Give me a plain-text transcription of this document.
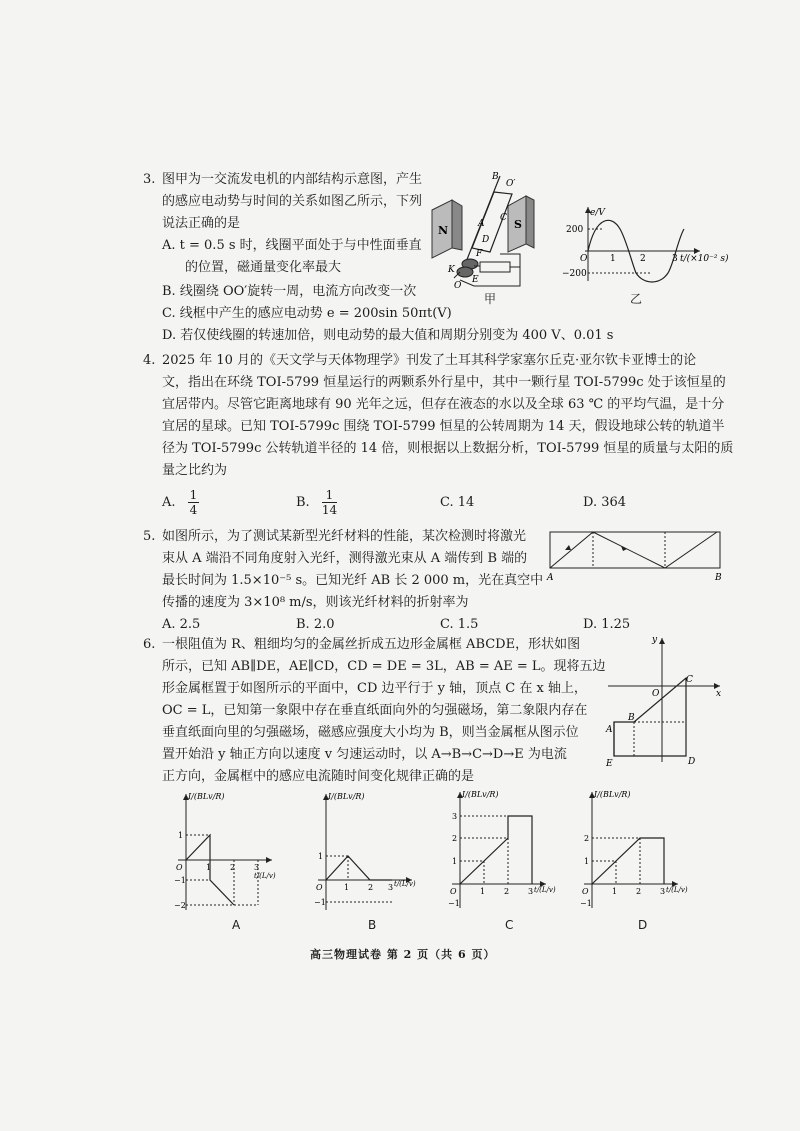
3. 图甲为一交流发电机的内部结构示意图，产生
的感应电动势与时间的关系如图乙所示，下列
说法正确的是
A. t = 0.5 s 时，线圈平面处于与中性面垂直
的位置，磁通量变化率最大
B. 线圈绕 OO′旋转一周，电流方向改变一次
C. 线框中产生的感应电动势 e = 200sin 50πt(V)
D. 若仅使线圈的转速加倍，则电动势的最大值和周期分别变为 400 V、0.01 s
B
O′
N	A	S
C
D
F
K
E
O
甲
e/V
200
−200
O	1	2	3 t/(×10⁻² s)
乙
4. 2025 年 10 月的《天文学与天体物理学》刊发了土耳其科学家塞尔丘克·亚尔钦卡亚博士的论
文，指出在环绕 TOI-5799 恒星运行的两颗系外行星中，其中一颗行星 TOI-5799c 处于该恒星的
宜居带内。尽管它距离地球有 90 光年之远，但存在液态的水以及全球 63 ℃ 的平均气温，是十分
宜居的星球。已知 TOI-5799c 围绕 TOI-5799 恒星的公转周期为 14 天，假设地球公转的轨道半
径为 TOI-5799c 公转轨道半径的 14 倍，则根据以上数据分析，TOI-5799 恒星的质量与太阳的质
量之比约为
A. $\frac{1}{4}$	B. $\frac{1}{14}$	C. 14	D. 364
5. 如图所示，为了测试某新型光纤材料的性能，某次检测时将激光
束从 A 端沿不同角度射入光纤，测得激光束从 A 端传到 B 端的
最长时间为 1.5×10⁻⁵ s。已知光纤 AB 长 2 000 m，光在真空中
传播的速度为 3×10⁸ m/s，则该光纤材料的折射率为
A. 2.5	B. 2.0	C. 1.5	D. 1.25
A	B
6. 一根阻值为 R、粗细均匀的金属丝折成五边形金属框 ABCDE，形状如图
所示，已知 AB∥DE，AE∥CD，CD = DE = 3L，AB = AE = L。现将五边
形金属框置于如图所示的平面中，CD 边平行于 y 轴，顶点 C 在 x 轴上，
OC = L，已知第一象限中存在垂直纸面向外的匀强磁场，第二象限内存在
垂直纸面向里的匀强磁场，磁感应强度大小均为 B，则当金属框从图示位
置开始沿 y 轴正方向以速度 v 匀速运动时，以 A→B→C→D→E 为电流
正方向，金属框中的感应电流随时间变化规律正确的是
y
x
O
C
A
B
E	D
I/(BLv/R)
1
−1
−2
O	1 2 3
t/(L/v)
A
I/(BLv/R)
1
−1
O	1 2 3 t/(L/v)
B
I/(BLv/R)
3
2
1
−1
O	1 2 3 t/(L/v)
C
I/(BLv/R)
2
1
−1
O	1 2 3 t/(L/v)
D
高三物理试卷 第 2 页（共 6 页）
